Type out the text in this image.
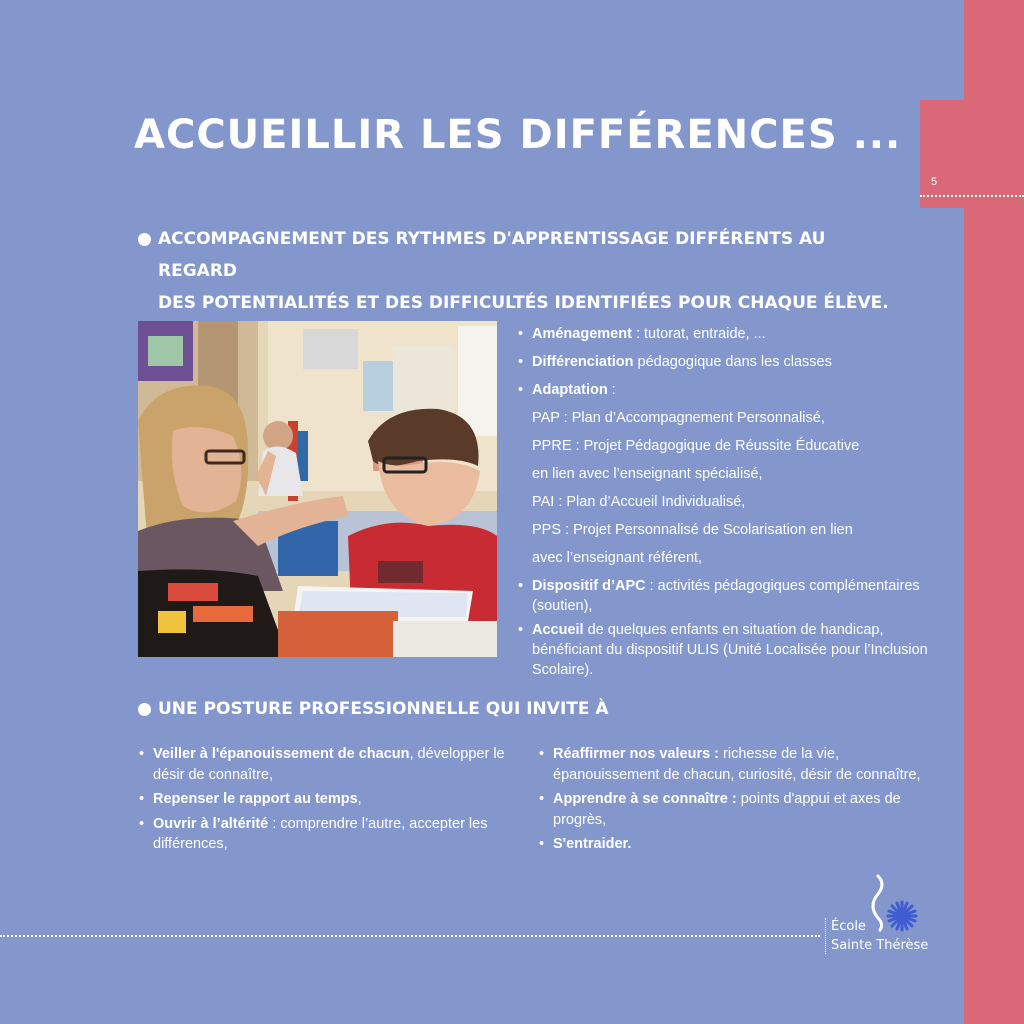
5
ACCUEILLIR LES DIFFÉRENCES ...
ACCOMPAGNEMENT DES RYTHMES D'APPRENTISSAGE DIFFÉRENTS AU REGARD
DES POTENTIALITÉS ET DES DIFFICULTÉS IDENTIFIÉES POUR CHAQUE ÉLÈVE.
• Aménagement : tutorat, entraide, ...
• Différenciation pédagogique dans les classes
• Adaptation :
PAP : Plan d’Accompagnement Personnalisé,
PPRE : Projet Pédagogique de Réussite Éducative
en lien avec l’enseignant spécialisé,
PAI : Plan d’Accueil Individualisé,
PPS : Projet Personnalisé de Scolarisation en lien
avec l’enseignant référent,
• Dispositif d’APC : activités pédagogiques complémentaires (soutien),
• Accueil de quelques enfants en situation de handicap, bénéficiant du dispositif ULIS (Unité Localisée pour l’Inclusion Scolaire).
UNE POSTURE PROFESSIONNELLE QUI INVITE À
• Veiller à l'épanouissement de chacun, développer le désir de connaître,
• Repenser le rapport au temps,
• Ouvrir à l’altérité : comprendre l’autre, accepter les différences,
• Réaffirmer nos valeurs : richesse de la vie, épanouissement de chacun, curiosité, désir de connaître,
• Apprendre à se connaître : points d'appui et axes de progrès,
• S'entraider.
École
Sainte Thérèse
